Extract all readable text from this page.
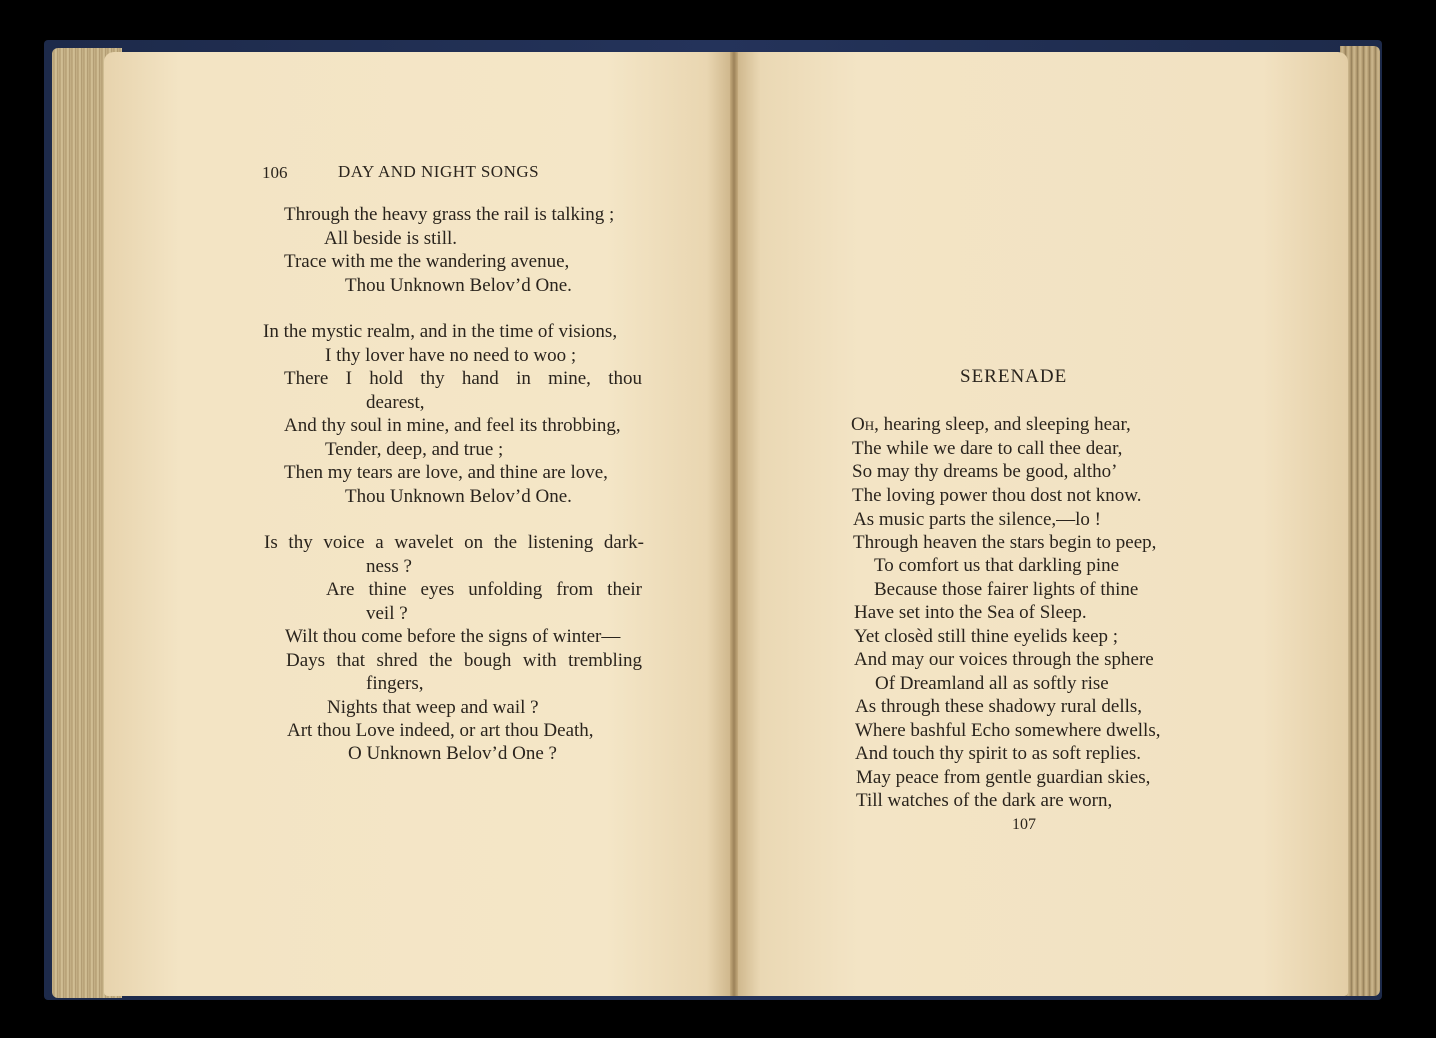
106	DAY AND NIGHT SONGS
Through the heavy grass the rail is talking ;
All beside is still.
Trace with me the wandering avenue,
Thou Unknown Belov’d One.
In the mystic realm, and in the time of visions,
I thy lover have no need to woo ;
There I hold thy hand in mine, thou
dearest,
And thy soul in mine, and feel its throbbing,
Tender, deep, and true ;
Then my tears are love, and thine are love,
Thou Unknown Belov’d One.
Is thy voice a wavelet on the listening dark-
ness ?
Are thine eyes unfolding from their
veil ?
Wilt thou come before the signs of winter—
Days that shred the bough with trembling
fingers,
Nights that weep and wail ?
Art thou Love indeed, or art thou Death,
O Unknown Belov’d One ?
SERENADE
Oh, hearing sleep, and sleeping hear,
The while we dare to call thee dear,
So may thy dreams be good, altho’
The loving power thou dost not know.
As music parts the silence,—lo !
Through heaven the stars begin to peep,
To comfort us that darkling pine
Because those fairer lights of thine
Have set into the Sea of Sleep.
Yet closèd still thine eyelids keep ;
And may our voices through the sphere
Of Dreamland all as softly rise
As through these shadowy rural dells,
Where bashful Echo somewhere dwells,
And touch thy spirit to as soft replies.
May peace from gentle guardian skies,
Till watches of the dark are worn,
107
